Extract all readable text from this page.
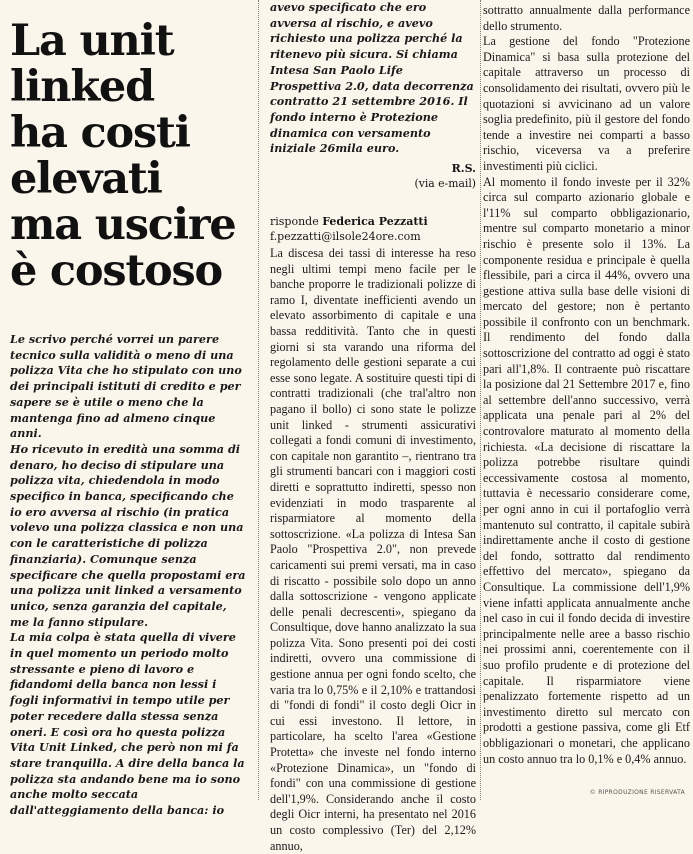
La unit
linked
ha costi
elevati
ma uscire
è costoso

Le scrivo perché vorrei un parere tecnico sulla validità o meno di una polizza Vita che ho stipulato con uno dei principali istituti di credito e per sapere se è utile o meno che la mantenga fino ad almeno cinque anni.

Ho ricevuto in eredità una somma di denaro, ho deciso di stipulare una polizza vita, chiedendola in modo specifico in banca, specificando che io ero avversa al rischio (in pratica volevo una polizza classica e non una con le caratteristiche di polizza finanziaria). Comunque senza specificare che quella propostami era una polizza unit linked a versamento unico, senza garanzia del capitale, me la fanno stipulare.

La mia colpa è stata quella di vivere in quel momento un periodo molto stressante e pieno di lavoro e fidandomi della banca non lessi i fogli informativi in tempo utile per poter recedere dalla stessa senza oneri. E così ora ho questa polizza Vita Unit Linked, che però non mi fa stare tranquilla. A dire della banca la polizza sta andando bene ma io sono anche molto seccata dall'atteggiamento della banca: io

avevo specificato che ero avversa al rischio, e avevo richiesto una polizza perché la ritenevo più sicura. Si chiama Intesa San Paolo Life Prospettiva 2.0, data decorrenza contratto 21 settembre 2016. Il fondo interno è Protezione dinamica con versamento iniziale 26mila euro.

R.S.

(via e-mail)

risponde Federica Pezzatti
f.pezzatti@ilsole24ore.com

La discesa dei tassi di interesse ha reso negli ultimi tempi meno facile per le banche proporre le tradizionali polizze di ramo I, diventate inefficienti avendo un elevato assorbimento di capitale e una bassa redditività. Tanto che in questi giorni si sta varando una riforma del regolamento delle gestioni separate a cui esse sono legate. A sostituire questi tipi di contratti tradizionali (che tral'altro non pagano il bollo) ci sono state le polizze unit linked - strumenti assicurativi collegati a fondi comuni di investimento, con capitale non garantito –, rientrano tra gli strumenti bancari con i maggiori costi diretti e soprattutto indiretti, spesso non evidenziati in modo trasparente al risparmiatore al momento della sottoscrizione. «La polizza di Intesa San Paolo "Prospettiva 2.0", non prevede caricamenti sui premi versati, ma in caso di riscatto - possibile solo dopo un anno dalla sottoscrizione - vengono applicate delle penali decrescenti», spiegano da Consultique, dove hanno analizzato la sua polizza Vita. Sono presenti poi dei costi indiretti, ovvero una commissione di gestione annua per ogni fondo scelto, che varia tra lo 0,75% e il 2,10% e trattandosi di "fondi di fondi" il costo degli Oicr in cui essi investono. Il lettore, in particolare, ha scelto l'area «Gestione Protetta» che investe nel fondo interno «Protezione Dinamica», un "fondo di fondi" con una commissione di gestione dell'1,9%. Considerando anche il costo degli Oicr interni, ha presentato nel 2016 un costo complessivo (Ter) del 2,12% annuo,

sottratto annualmente dalla performance dello strumento.

La gestione del fondo "Protezione Dinamica" si basa sulla protezione del capitale attraverso un processo di consolidamento dei risultati, ovvero più le quotazioni si avvicinano ad un valore soglia predefinito, più il gestore del fondo tende a investire nei comparti a basso rischio, viceversa va a preferire investimenti più ciclici.

Al momento il fondo investe per il 32% circa sul comparto azionario globale e l'11% sul comparto obbligazionario, mentre sul comparto monetario a minor rischio è presente solo il 13%. La componente residua e principale è quella flessibile, pari a circa il 44%, ovvero una gestione attiva sulla base delle visioni di mercato del gestore; non è pertanto possibile il confronto con un benchmark. Il rendimento del fondo dalla sottoscrizione del contratto ad oggi è stato pari all'1,8%. Il contraente può riscattare la posizione dal 21 Settembre 2017 e, fino al settembre dell'anno successivo, verrà applicata una penale pari al 2% del controvalore maturato al momento della richiesta. «La decisione di riscattare la polizza potrebbe risultare quindi eccessivamente costosa al momento, tuttavia è necessario considerare come, per ogni anno in cui il portafoglio verrà mantenuto sul contratto, il capitale subirà indirettamente anche il costo di gestione del fondo, sottratto dal rendimento effettivo del mercato», spiegano da Consultique. La commissione dell'1,9% viene infatti applicata annualmente anche nel caso in cui il fondo decida di investire principalmente nelle aree a basso rischio nei prossimi anni, coerentemente con il suo profilo prudente e di protezione del capitale. Il risparmiatore viene penalizzato fortemente rispetto ad un investimento diretto sul mercato con prodotti a gestione passiva, come gli Etf obbligazionari o monetari, che applicano un costo annuo tra lo 0,1% e 0,4% annuo.

© RIPRODUZIONE RISERVATA
